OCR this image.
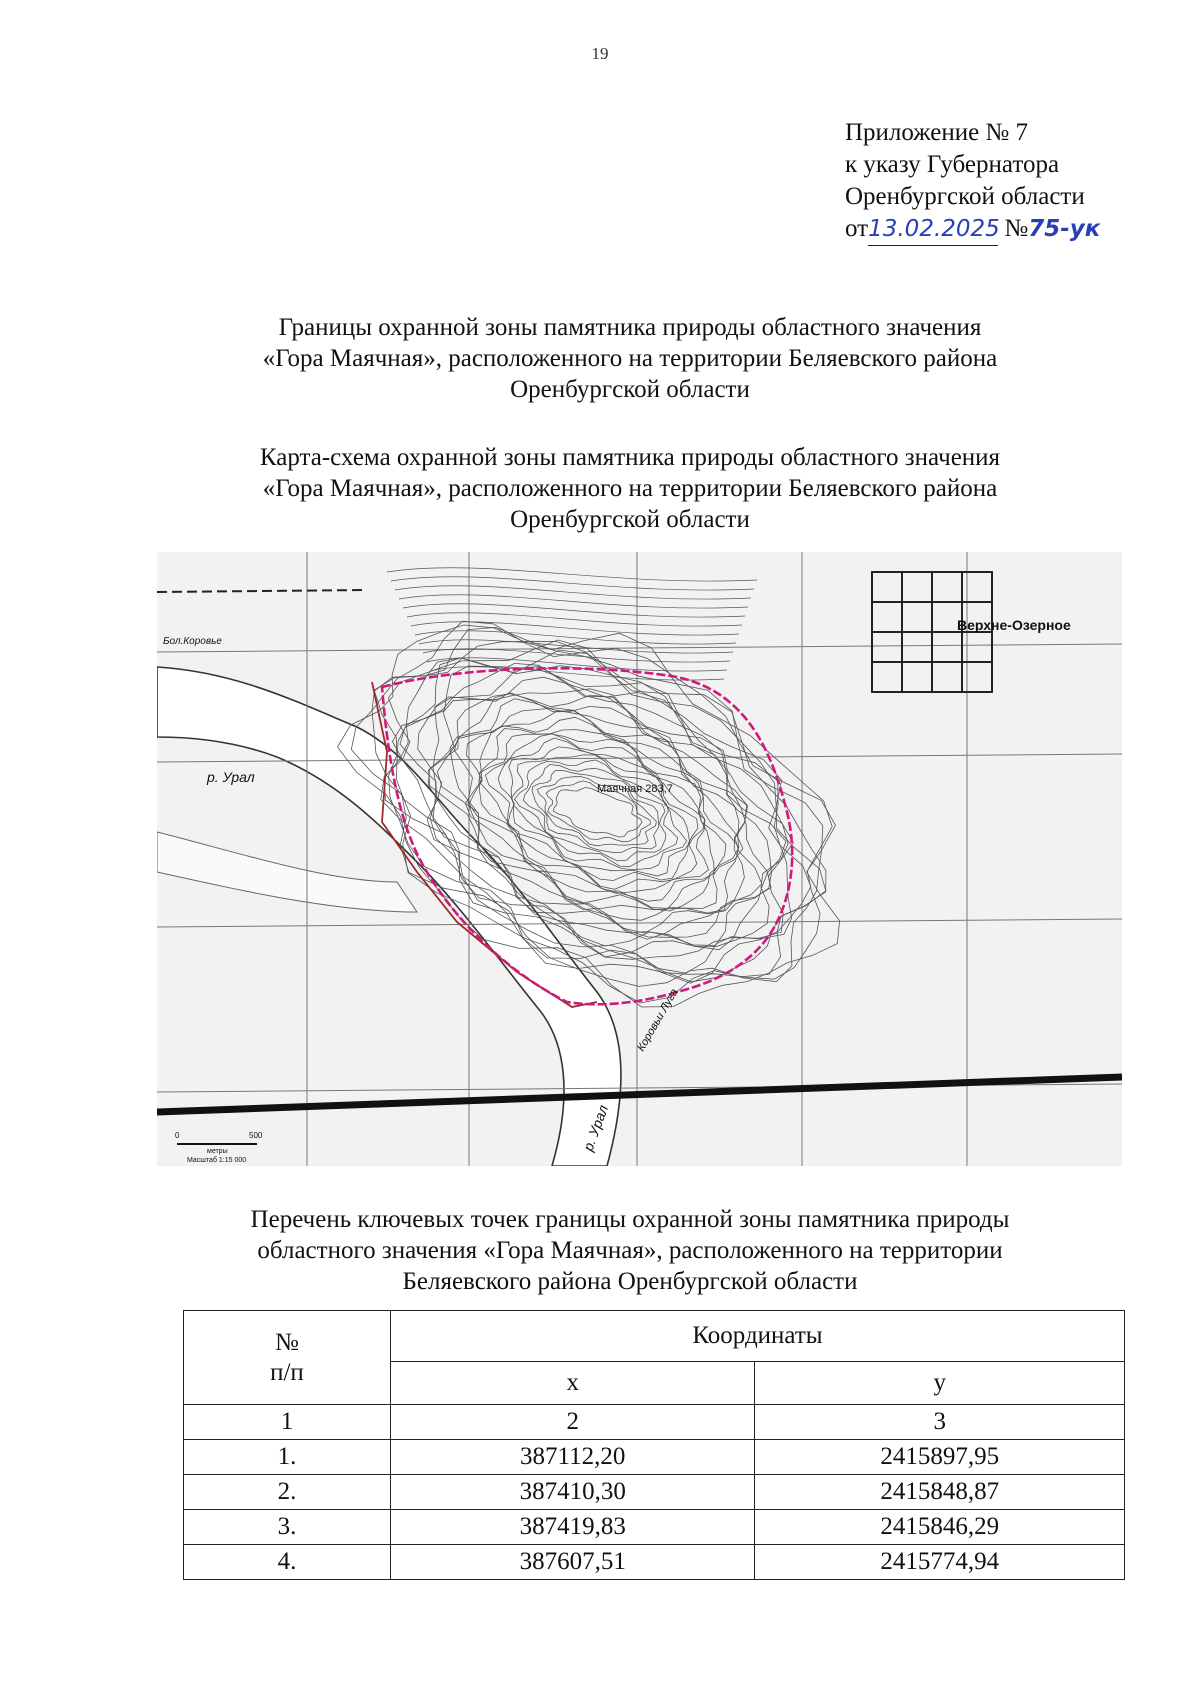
19
Приложение № 7
к указу Губернатора
Оренбургской области
от13.02.2025 №75-ук
Границы охранной зоны памятника природы областного значения
«Гора Маячная», расположенного на территории Беляевского района
Оренбургской области
Карта-схема охранной зоны памятника природы областного значения
«Гора Маячная», расположенного на территории Беляевского района
Оренбургской области
Верхне-Озерное
р. Урал
р. Урал
Маячная 283,7
Коровьи Луга
Бол.Коровье
0	500
метры
Масштаб 1:15 000
Перечень ключевых точек границы охранной зоны памятника природы
областного значения «Гора Маячная», расположенного на территории
Беляевского района Оренбургской области
№
п/п	Координаты	
	x	y
1	2	3
1.	387112,20	2415897,95
2.	387410,30	2415848,87
3.	387419,83	2415846,29
4.	387607,51	2415774,94
